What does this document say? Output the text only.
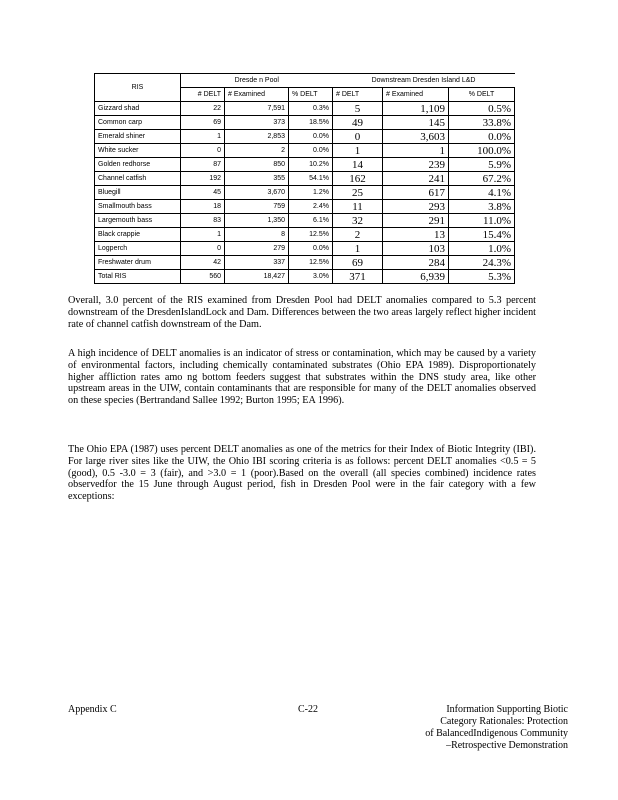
RIS	Dresde n Pool			Downstream Dresden Island L&D		
	# DELT	# Examined	% DELT	# DELT	# Examined	% DELT
Gizzard shad	22	7,591	0.3%	5	1,109	0.5%
Common carp	69	373	18.5%	49	145	33.8%
Emerald shiner	1	2,853	0.0%	0	3,603	0.0%
White sucker	0	2	0.0%	1	1	100.0%
Golden redhorse	87	850	10.2%	14	239	5.9%
Channel catfish	192	355	54.1%	162	241	67.2%
Bluegill	45	3,670	1.2%	25	617	4.1%
Smallmouth bass	18	759	2.4%	11	293	3.8%
Largemouth bass	83	1,350	6.1%	32	291	11.0%
Black crappie	1	8	12.5%	2	13	15.4%
Logperch	0	279	0.0%	1	103	1.0%
Freshwater drum	42	337	12.5%	69	284	24.3%
Total RIS	560	18,427	3.0%	371	6,939	5.3%

Overall, 3.0 percent of the RIS examined from Dresden Pool had DELT anomalies compared to 5.3 percent downstream of the DresdenIslandLock and Dam. Differences between the two areas largely reflect higher incident rate of channel catfish downstream of the Dam.

A high incidence of DELT anomalies is an indicator of stress or contamination, which may be caused by a variety of environmental factors, including chemically contaminated substrates (Ohio EPA 1989). Disproportionately higher affliction rates amo ng bottom feeders suggest that substrates within the DNS study area, like other upstream areas in the UIW, contain contaminants that are responsible for many of the DELT anomalies observed on these species (Bertrandand Sallee 1992; Burton 1995; EA 1996).

The Ohio EPA (1987) uses percent DELT anomalies as one of the metrics for their Index of Biotic Integrity (IBI). For large river sites like the UIW, the Ohio IBI scoring criteria is as follows: percent DELT anomalies <0.5 = 5 (good), 0.5 -3.0 = 3 (fair), and >3.0 = 1 (poor).Based on the overall (all species combined) incidence rates observedfor the 15 June through August period, fish in Dresden Pool were in the fair category with a few exceptions:

Appendix C	C-22	Information Supporting Biotic
Category Rationales: Protection
of BalancedIndigenous Community
–Retrospective Demonstration
